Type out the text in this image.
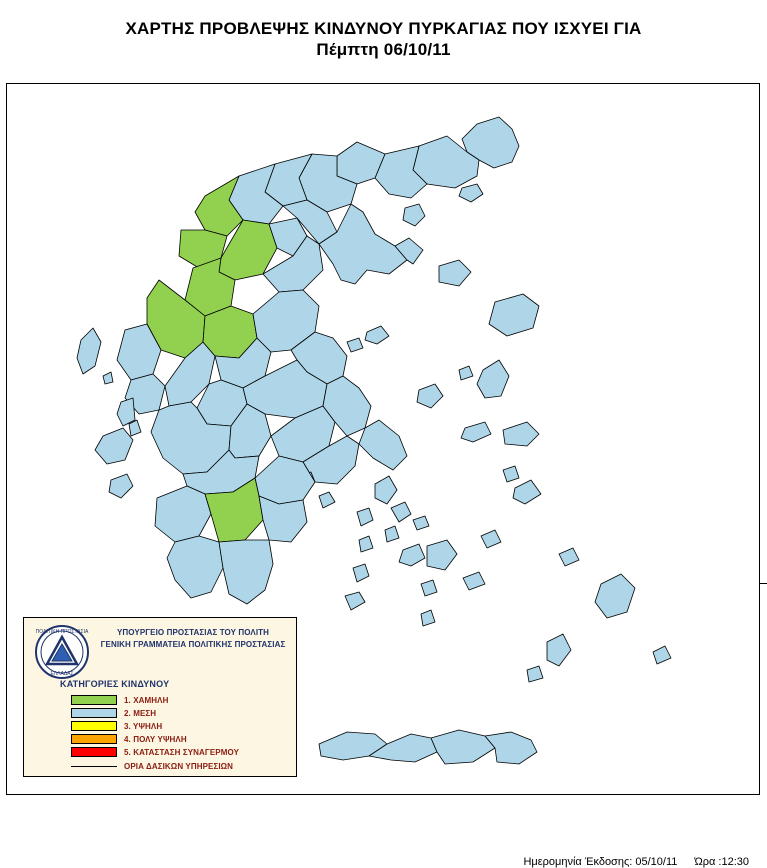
ΧΑΡΤΗΣ ΠΡΟΒΛΕΨΗΣ ΚΙΝΔΥΝΟΥ ΠΥΡΚΑΓΙΑΣ ΠΟΥ ΙΣΧΥΕΙ ΓΙΑ
Πέμπτη 06/10/11
ΠΟΛΙΤΙΚΗ ΠΡΟΣΤΑΣΙΑ
ΕΛΛΑΔΑΣ
ΥΠΟΥΡΓΕΙΟ ΠΡΟΣΤΑΣΙΑΣ ΤΟΥ ΠΟΛΙΤΗ
ΓΕΝΙΚΗ ΓΡΑΜΜΑΤΕΙΑ ΠΟΛΙΤΙΚΗΣ ΠΡΟΣΤΑΣΙΑΣ
ΚΑΤΗΓΟΡΙΕΣ ΚΙΝΔΥΝΟΥ
1. ΧΑΜΗΛΗ
2. ΜΕΣΗ
3. ΥΨΗΛΗ
4. ΠΟΛΥ ΥΨΗΛΗ
5. ΚΑΤΑΣΤΑΣΗ ΣΥΝΑΓΕΡΜΟΥ
ΟΡΙΑ ΔΑΣΙΚΩΝ ΥΠΗΡΕΣΙΩΝ
Ημερομηνία Έκδοσης: 05/10/11 Ώρα :12:30
